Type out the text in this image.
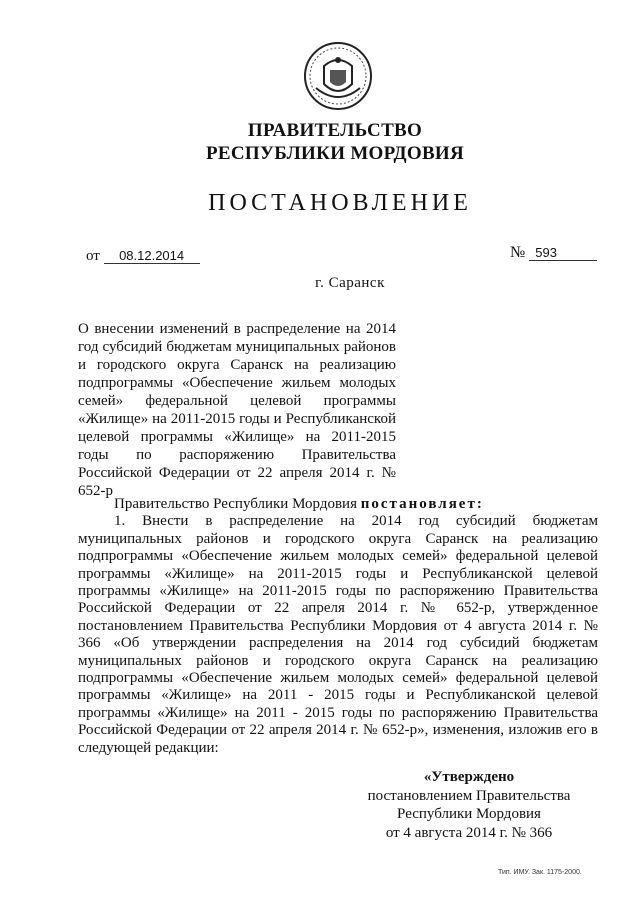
ПРАВИТЕЛЬСТВО
РЕСПУБЛИКИ МОРДОВИЯ
ПОСТАНОВЛЕНИЕ
от 08.12.2014	№ 593
г. Саранск
О внесении изменений в распределение на 2014 год субсидий бюджетам муниципальных районов и городского округа Саранск на реализацию подпрограммы «Обеспечение жильем молодых семей» федеральной целевой программы «Жилище» на 2011-2015 годы и Республиканской целевой программы «Жилище» на 2011-2015 годы по распоряжению Правительства Российской Федерации от 22 апреля 2014 г. № 652-р

Правительство Республики Мордовия постановляет:

1. Внести в распределение на 2014 год субсидий бюджетам муниципальных районов и городского округа Саранск на реализацию подпрограммы «Обеспечение жильем молодых семей» федеральной целевой программы «Жилище» на 2011-2015 годы и Республиканской целевой программы «Жилище» на 2011-2015 годы по распоряжению Правительства Российской Федерации от 22 апреля 2014 г. № 652-р, утвержденное постановлением Правительства Республики Мордовия от 4 августа 2014 г. № 366 «Об утверждении распределения на 2014 год субсидий бюджетам муниципальных районов и городского округа Саранск на реализацию подпрограммы «Обеспечение жильем молодых семей» федеральной целевой программы «Жилище» на 2011 - 2015 годы и Республиканской целевой программы «Жилище» на 2011 - 2015 годы по распоряжению Правительства Российской Федерации от 22 апреля 2014 г. № 652-р», изменения, изложив его в следующей редакции:

«Утверждено
постановлением Правительства
Республики Мордовия
от 4 августа 2014 г. № 366
Тип. ИМУ. Зак. 1175-2000.
